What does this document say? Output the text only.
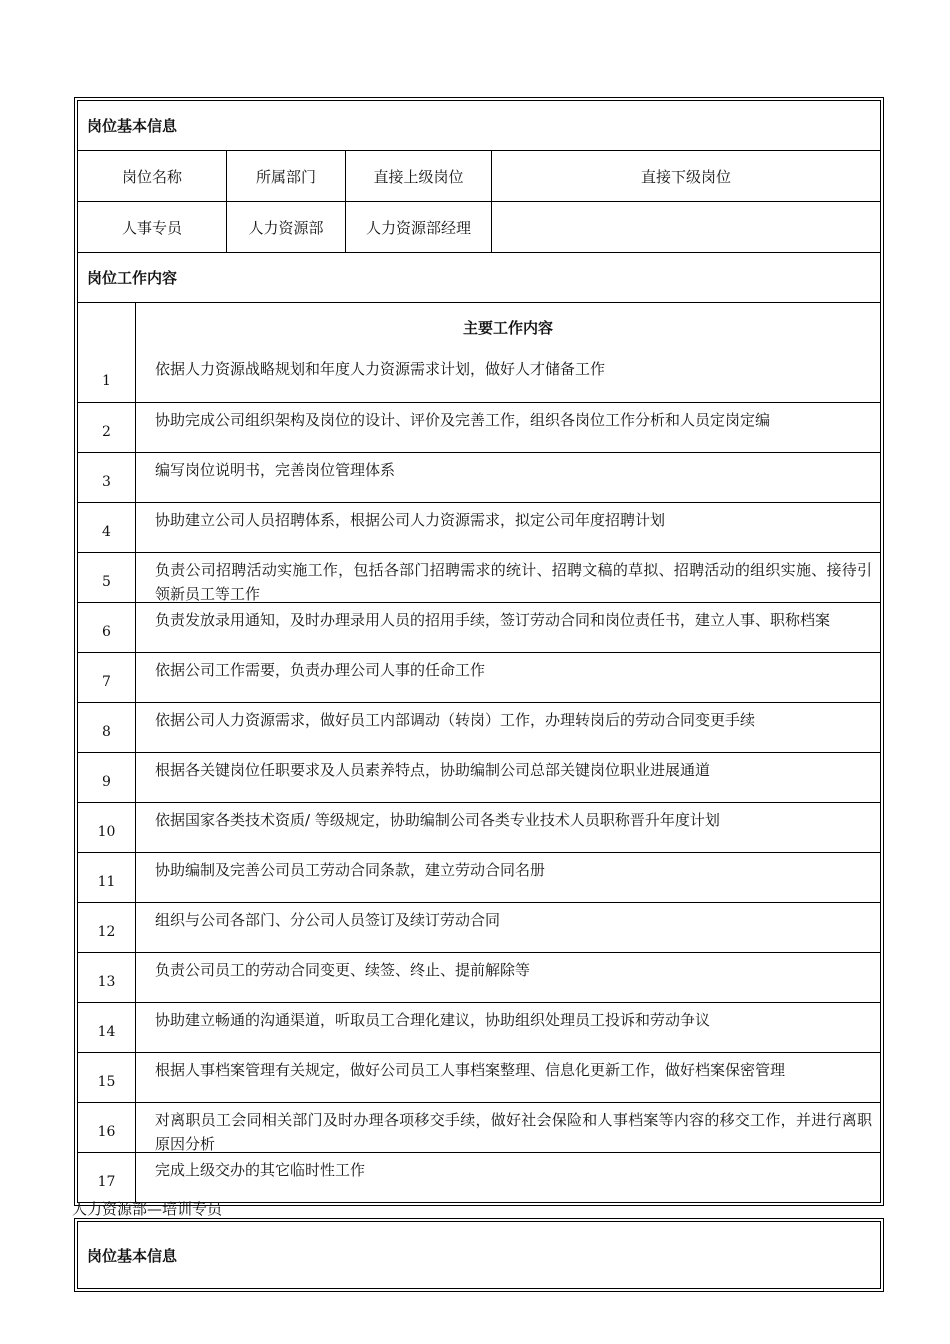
岗位基本信息
岗位名称	所属部门	直接上级岗位	直接下级岗位
人事专员	人力资源部	人力资源部经理
岗位工作内容
主要工作内容
1
依据人力资源战略规划和年度人力资源需求计划，做好人才储备工作
2
协助完成公司组织架构及岗位的设计、评价及完善工作，组织各岗位工作分析和人员定岗定编
3
编写岗位说明书，完善岗位管理体系
4
协助建立公司人员招聘体系，根据公司人力资源需求，拟定公司年度招聘计划
5
负责公司招聘活动实施工作，包括各部门招聘需求的统计、招聘文稿的草拟、招聘活动的组织实施、接待引领新员工等工作
6
负责发放录用通知，及时办理录用人员的招用手续，签订劳动合同和岗位责任书，建立人事、职称档案
7
依据公司工作需要，负责办理公司人事的任命工作
8
依据公司人力资源需求，做好员工内部调动（转岗）工作，办理转岗后的劳动合同变更手续
9
根据各关键岗位任职要求及人员素养特点，协助编制公司总部关键岗位职业进展通道
10
依据国家各类技术资质/ 等级规定，协助编制公司各类专业技术人员职称晋升年度计划
11
协助编制及完善公司员工劳动合同条款，建立劳动合同名册
12
组织与公司各部门、分公司人员签订及续订劳动合同
13
负责公司员工的劳动合同变更、续签、终止、提前解除等
14
协助建立畅通的沟通渠道，听取员工合理化建议，协助组织处理员工投诉和劳动争议
15
根据人事档案管理有关规定，做好公司员工人事档案整理、信息化更新工作，做好档案保密管理
16
对离职员工会同相关部门及时办理各项移交手续，做好社会保险和人事档案等内容的移交工作，并进行离职原因分析
17
完成上级交办的其它临时性工作
人力资源部—培训专员
岗位基本信息
